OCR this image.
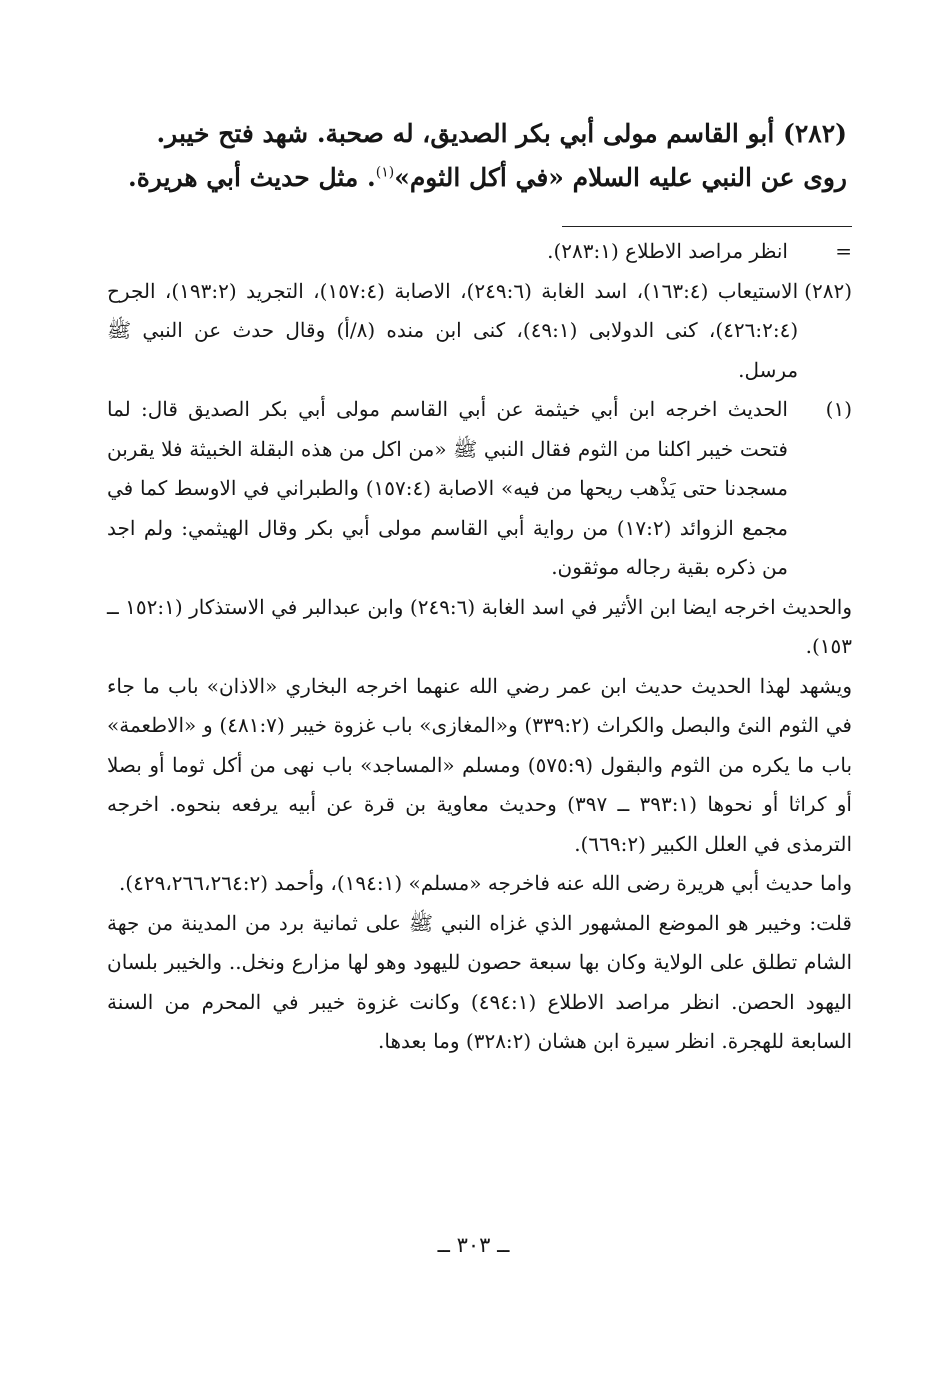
(٢٨٢) أبو القاسم مولى أبي بكر الصديق، له صحبة. شهد فتح خيبر.

روى عن النبي عليه السلام «في أكل الثوم»$^{(١)}$. مثل حديث أبي هريرة.

=
انظر مراصد الاطلاع (٢٨٣:١).
(٢٨٢)
الاستيعاب (١٦٣:٤)، اسد الغابة (٢٤٩:٦)، الاصابة (١٥٧:٤)، التجريد (١٩٣:٢)، الجرح (٤٢٦:٢:٤)، كنى الدولابى (٤٩:١)، كنى ابن منده (٨/أ) وقال حدث عن النبي ﷺ مرسل.
(١)

الحديث اخرجه ابن أبي خيثمة عن أبي القاسم مولى أبي بكر الصديق قال: لما فتحت خيبر اكلنا من الثوم فقال النبي ﷺ «من اكل من هذه البقلة الخبيثة فلا يقربن مسجدنا حتى يَذْهب ريحها من فيه» الاصابة (١٥٧:٤) والطبراني في الاوسط كما في مجمع الزوائد (١٧:٢) من رواية أبي القاسم مولى أبي بكر وقال الهيثمي: ولم اجد من ذكره بقية رجاله موثقون.

والحديث اخرجه ايضا ابن الأثير في اسد الغابة (٢٤٩:٦) وابن عبدالبر في الاستذكار (١٥٢:١ ــ ١٥٣).
ويشهد لهذا الحديث حديث ابن عمر رضي الله عنهما اخرجه البخاري «الاذان» باب ما جاء في الثوم النئ والبصل والكراث (٣٣٩:٢) و«المغازى» باب غزوة خيبر (٤٨١:٧) و «الاطعمة» باب ما يكره من الثوم والبقول (٥٧٥:٩) ومسلم «المساجد» باب نهى من أكل ثوما أو بصلا أو كراثا أو نحوها (٣٩٣:١ ــ ٣٩٧) وحديث معاوية بن قرة عن أبيه يرفعه بنحوه. اخرجه الترمذى في العلل الكبير (٦٦٩:٢).
واما حديث أبي هريرة رضى الله عنه فاخرجه «مسلم» (١٩٤:١)، وأحمد (٤٢٩،٢٦٦،٢٦٤:٢).
قلت: وخيبر هو الموضع المشهور الذي غزاه النبي ﷺ على ثمانية برد من المدينة من جهة الشام تطلق على الولاية وكان بها سبعة حصون لليهود وهو لها مزارع ونخل.. والخيبر بلسان اليهود الحصن. انظر مراصد الاطلاع (٤٩٤:١) وكانت غزوة خيبر في المحرم من السنة السابعة للهجرة. انظر سيرة ابن هشان (٣٢٨:٢) وما بعدها.
ــ ٣٠٣ ــ
